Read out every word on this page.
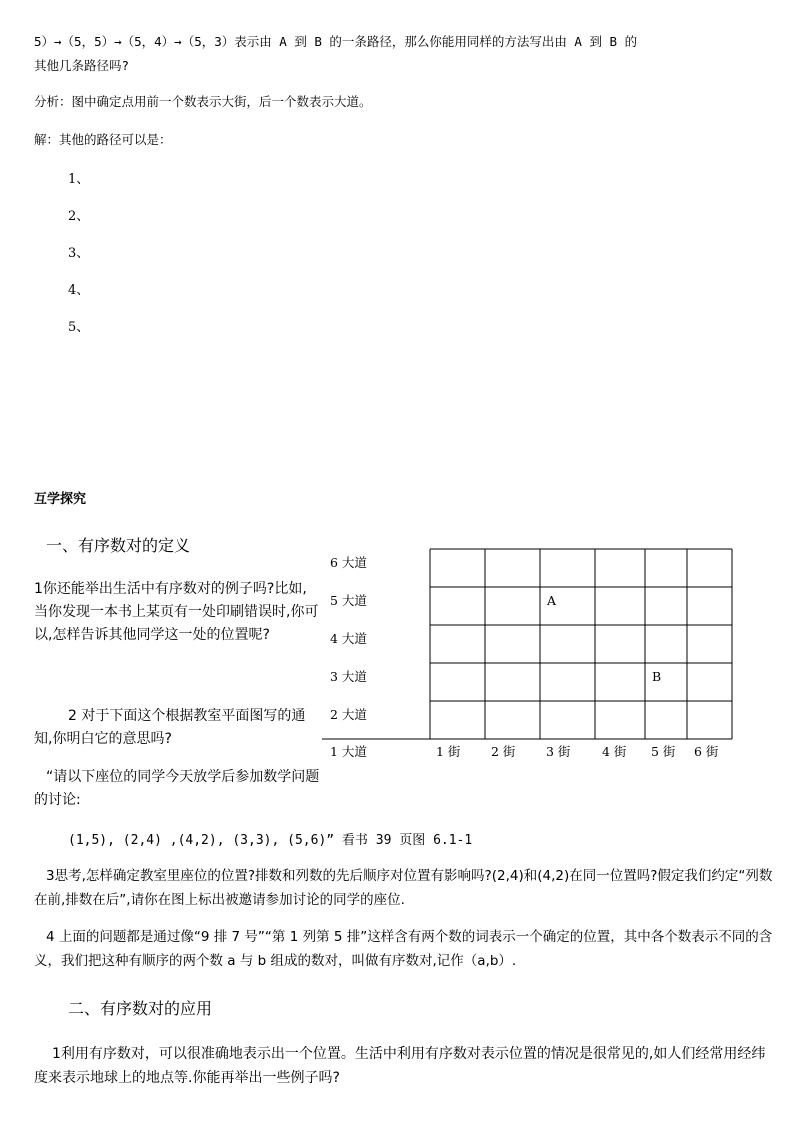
5）→（5，5）→（5，4）→（5，3）表示由 A 到 B 的一条路径，那么你能用同样的方法写出由 A 到 B 的
其他几条路径吗?
分析：图中确定点用前一个数表示大街，后一个数表示大道。
解：其他的路径可以是：
1、
2、
3、
4、
5、
互学探究
一、有序数对的定义
1你还能举出生活中有序数对的例子吗?比如,当你发现一本书上某页有一处印刷错误时,你可以,怎样告诉其他同学这一处的位置呢?
2 对于下面这个根据教室平面图写的通知,你明白它的意思吗?
“请以下座位的同学今天放学后参加数学问题的讨论:
(1,5), (2,4) ,(4,2), (3,3), (5,6)” 看书 39 页图 6.1-1
3思考,怎样确定教室里座位的位置?排数和列数的先后顺序对位置有影响吗?(2,4)和(4,2)在同一位置吗?假定我们约定“列数在前,排数在后”,请你在图上标出被邀请参加讨论的同学的座位.
4 上面的问题都是通过像“9 排 7 号”“第 1 列第 5 排”这样含有两个数的词表示一个确定的位置，其中各个数表示不同的含义，我们把这种有顺序的两个数 a 与 b 组成的数对，叫做有序数对,记作（a,b）.
二、有序数对的应用
1利用有序数对，可以很准确地表示出一个位置。生活中利用有序数对表示位置的情况是很常见的,如人们经常用经纬度来表示地球上的地点等.你能再举出一些例子吗?
6 大道
5 大道
4 大道
3 大道
2 大道
1 大道	1 街 2 街 3 街	4 街 5 街 6 街
A
B
